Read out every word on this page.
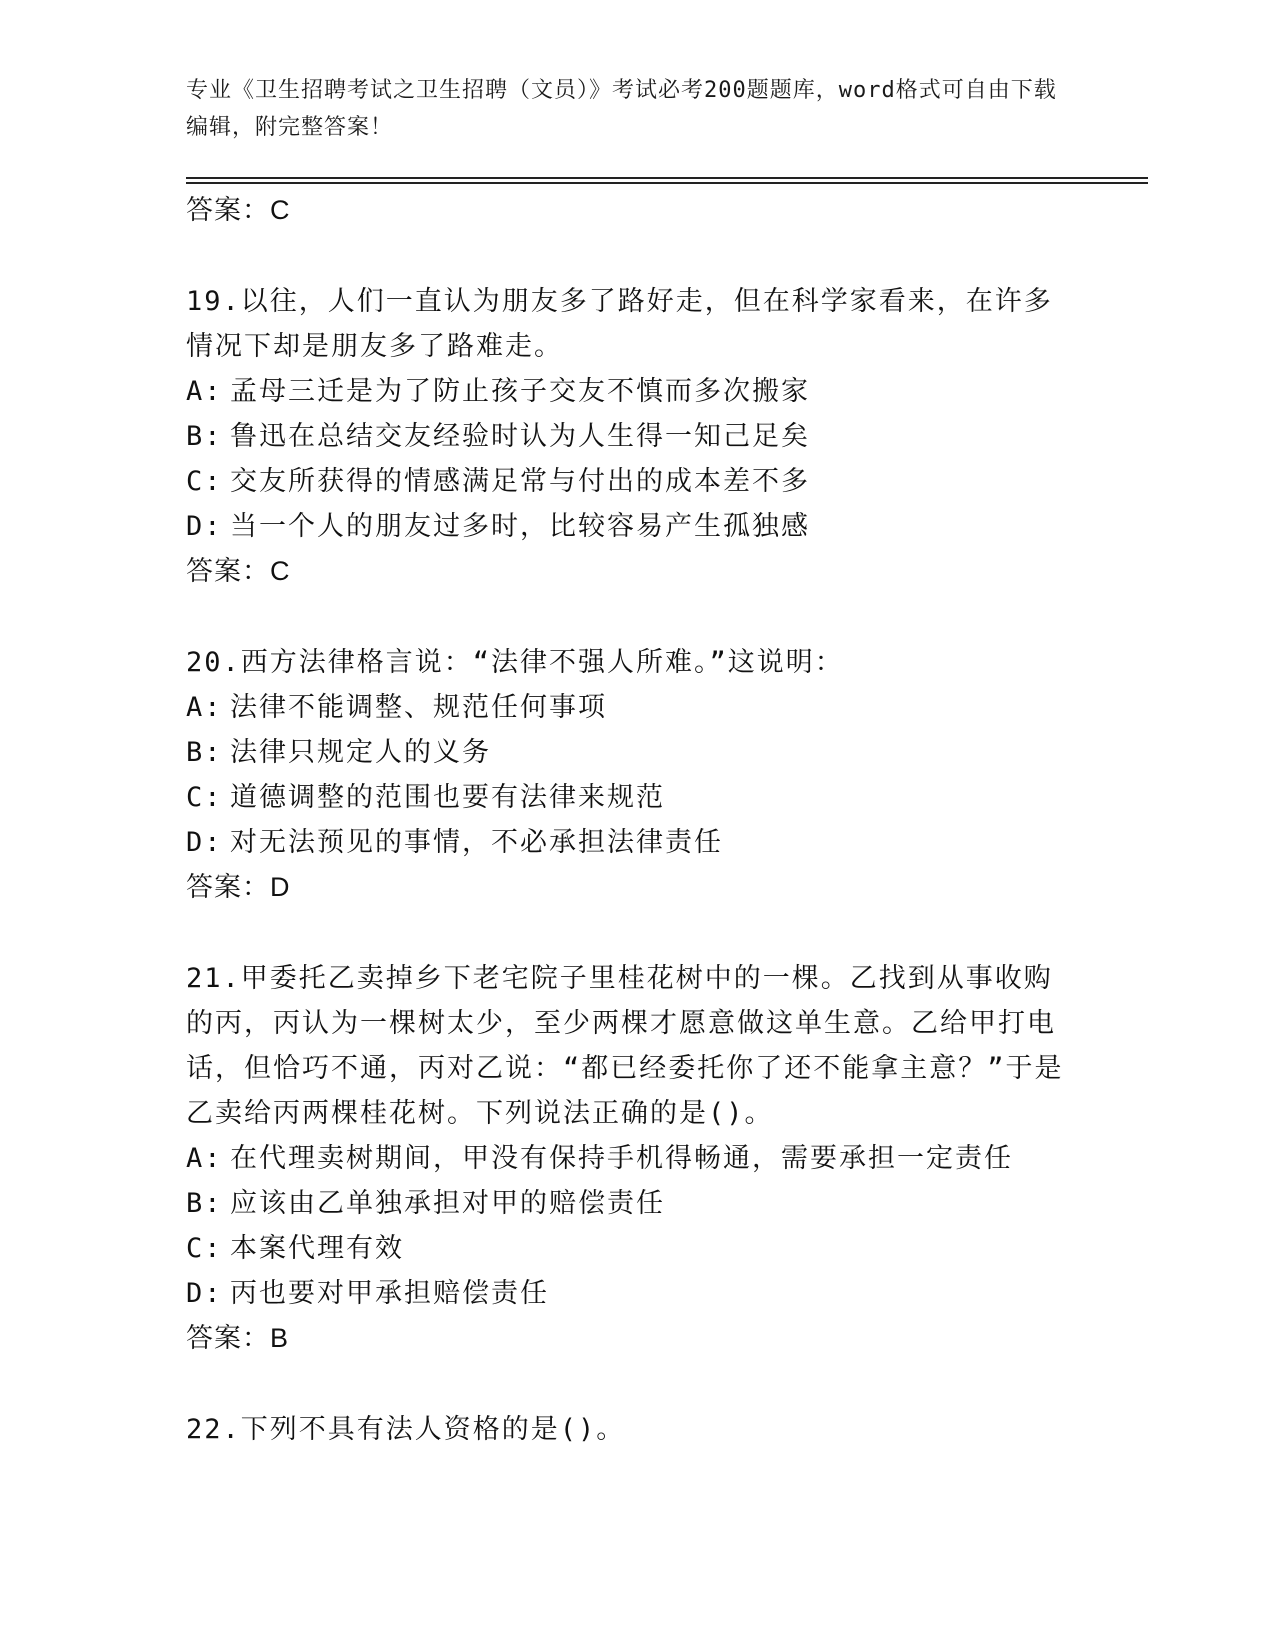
专业《卫生招聘考试之卫生招聘（文员）》考试必考200题题库，word格式可自由下载编辑，附完整答案！
答案：C
19.以往，人们一直认为朋友多了路好走，但在科学家看来，在许多情况下却是朋友多了路难走。
A: 孟母三迁是为了防止孩子交友不慎而多次搬家
B: 鲁迅在总结交友经验时认为人生得一知己足矣
C: 交友所获得的情感满足常与付出的成本差不多
D: 当一个人的朋友过多时，比较容易产生孤独感
答案：C
20.西方法律格言说：“法律不强人所难。”这说明：
A: 法律不能调整、规范任何事项
B: 法律只规定人的义务
C: 道德调整的范围也要有法律来规范
D: 对无法预见的事情，不必承担法律责任
答案：D
21.甲委托乙卖掉乡下老宅院子里桂花树中的一棵。乙找到从事收购的丙，丙认为一棵树太少，至少两棵才愿意做这单生意。乙给甲打电话，但恰巧不通，丙对乙说：“都已经委托你了还不能拿主意？”于是乙卖给丙两棵桂花树。下列说法正确的是()。
A: 在代理卖树期间，甲没有保持手机得畅通，需要承担一定责任
B: 应该由乙单独承担对甲的赔偿责任
C: 本案代理有效
D: 丙也要对甲承担赔偿责任
答案：B
22.下列不具有法人资格的是()。
